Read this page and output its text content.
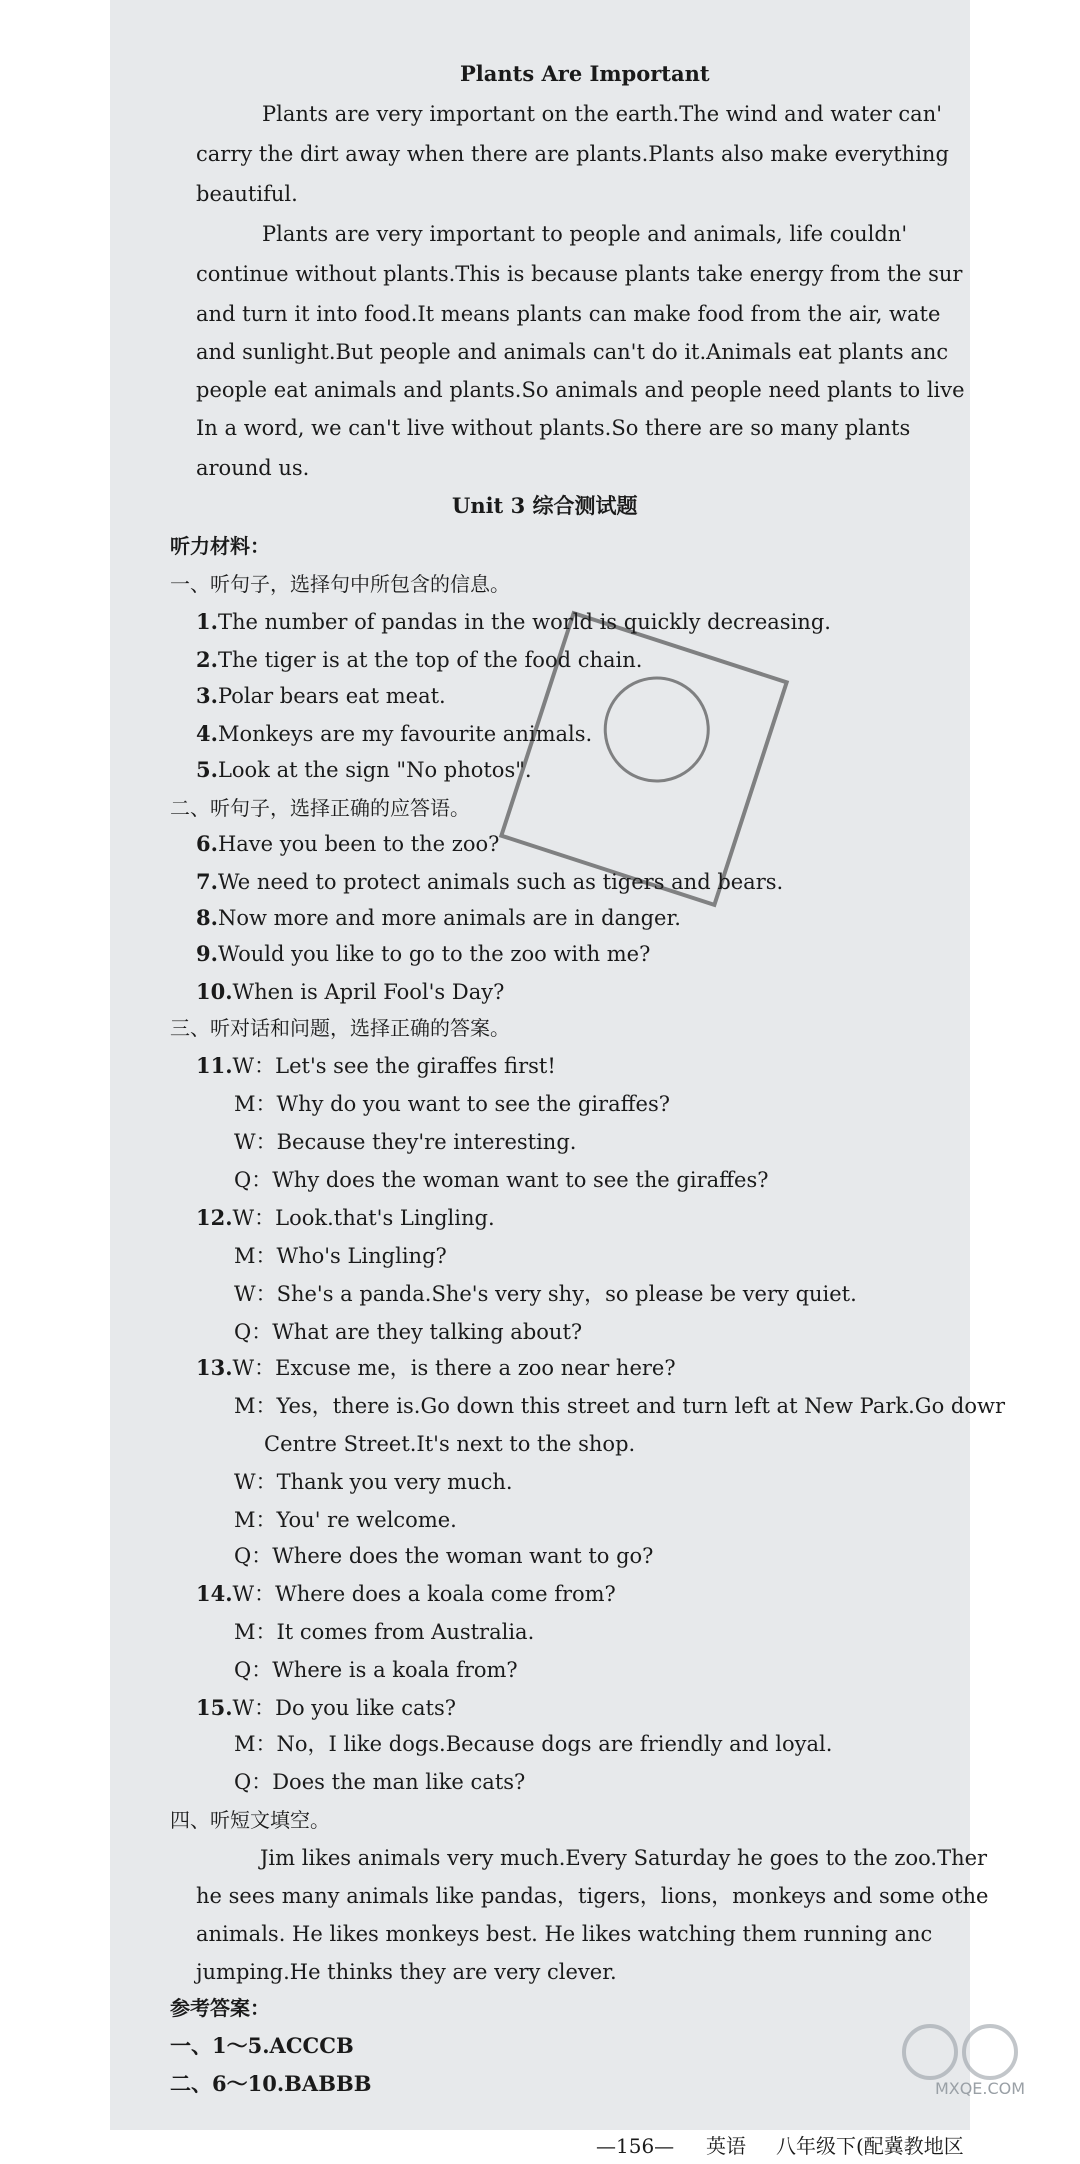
Plants Are Important
Plants are very important on the earth.The wind and water can'
carry the dirt away when there are plants.Plants also make everything
beautiful.
Plants are very important to people and animals, life couldn'
continue without plants.This is because plants take energy from the sur
and turn it into food.It means plants can make food from the air, wate
and sunlight.But people and animals can't do it.Animals eat plants anc
people eat animals and plants.So animals and people need plants to live
In a word, we can't live without plants.So there are so many plants
around us.
Unit 3 综合测试题
听力材料：
一、听句子，选择句中所包含的信息。
1.The number of pandas in the world is quickly decreasing.
2.The tiger is at the top of the food chain.
3.Polar bears eat meat.
4.Monkeys are my favourite animals.
5.Look at the sign "No photos".
二、听句子，选择正确的应答语。
6.Have you been to the zoo?
7.We need to protect animals such as tigers and bears.
8.Now more and more animals are in danger.
9.Would you like to go to the zoo with me?
10.When is April Fool's Day?
三、听对话和问题，选择正确的答案。
11.W：Let's see the giraffes first!
M：Why do you want to see the giraffes?
W：Because they're interesting.
Q：Why does the woman want to see the giraffes?
12.W：Look.that's Lingling.
M：Who's Lingling?
W：She's a panda.She's very shy，so please be very quiet.
Q：What are they talking about?
13.W：Excuse me，is there a zoo near here?
M：Yes，there is.Go down this street and turn left at New Park.Go dowr
Centre Street.It's next to the shop.
W：Thank you very much.
M：You' re welcome.
Q：Where does the woman want to go?
14.W：Where does a koala come from?
M：It comes from Australia.
Q：Where is a koala from?
15.W：Do you like cats?
M：No，I like dogs.Because dogs are friendly and loyal.
Q：Does the man like cats?
四、听短文填空。
Jim likes animals very much.Every Saturday he goes to the zoo.Ther
he sees many animals like pandas，tigers，lions，monkeys and some othe
animals. He likes monkeys best. He likes watching them running anc
jumping.He thinks they are very clever.
参考答案：
一、1～5.ACCCB
二、6～10.BABBB
—156— 英语 八年级下(配冀教地区
MXQE.COM
